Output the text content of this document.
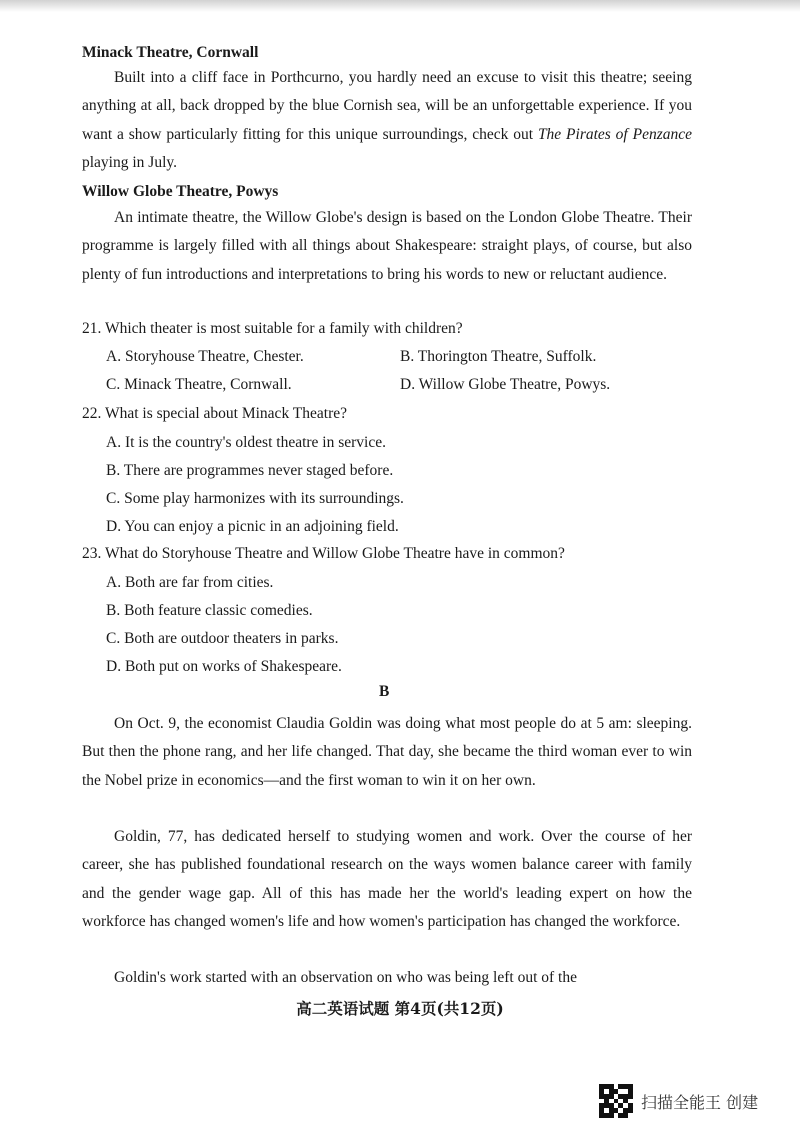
Minack Theatre, Cornwall

Built into a cliff face in Porthcurno, you hardly need an excuse to visit this theatre; seeing anything at all, back dropped by the blue Cornish sea, will be an unforgettable experience. If you want a show particularly fitting for this unique surroundings, check out The Pirates of Penzance playing in July.

Willow Globe Theatre, Powys

An intimate theatre, the Willow Globe's design is based on the London Globe Theatre. Their programme is largely filled with all things about Shakespeare: straight plays, of course, but also plenty of fun introductions and interpretations to bring his words to new or reluctant audience.

21. Which theater is most suitable for a family with children?
A. Storyhouse Theatre, Chester.	B. Thorington Theatre, Suffolk.
C. Minack Theatre, Cornwall.	D. Willow Globe Theatre, Powys.
22. What is special about Minack Theatre?
A. It is the country's oldest theatre in service.
B. There are programmes never staged before.
C. Some play harmonizes with its surroundings.
D. You can enjoy a picnic in an adjoining field.
23. What do Storyhouse Theatre and Willow Globe Theatre have in common?
A. Both are far from cities.
B. Both feature classic comedies.
C. Both are outdoor theaters in parks.
D. Both put on works of Shakespeare.
B

On Oct. 9, the economist Claudia Goldin was doing what most people do at 5 am: sleeping. But then the phone rang, and her life changed. That day, she became the third woman ever to win the Nobel prize in economics—and the first woman to win it on her own.

Goldin, 77, has dedicated herself to studying women and work. Over the course of her career, she has published foundational research on the ways women balance career with family and the gender wage gap. All of this has made her the world's leading expert on how the workforce has changed women's life and how women's participation has changed the workforce.

Goldin's work started with an observation on who was being left out of the

高二英语试题 第4页(共12页)
扫描全能王 创建
